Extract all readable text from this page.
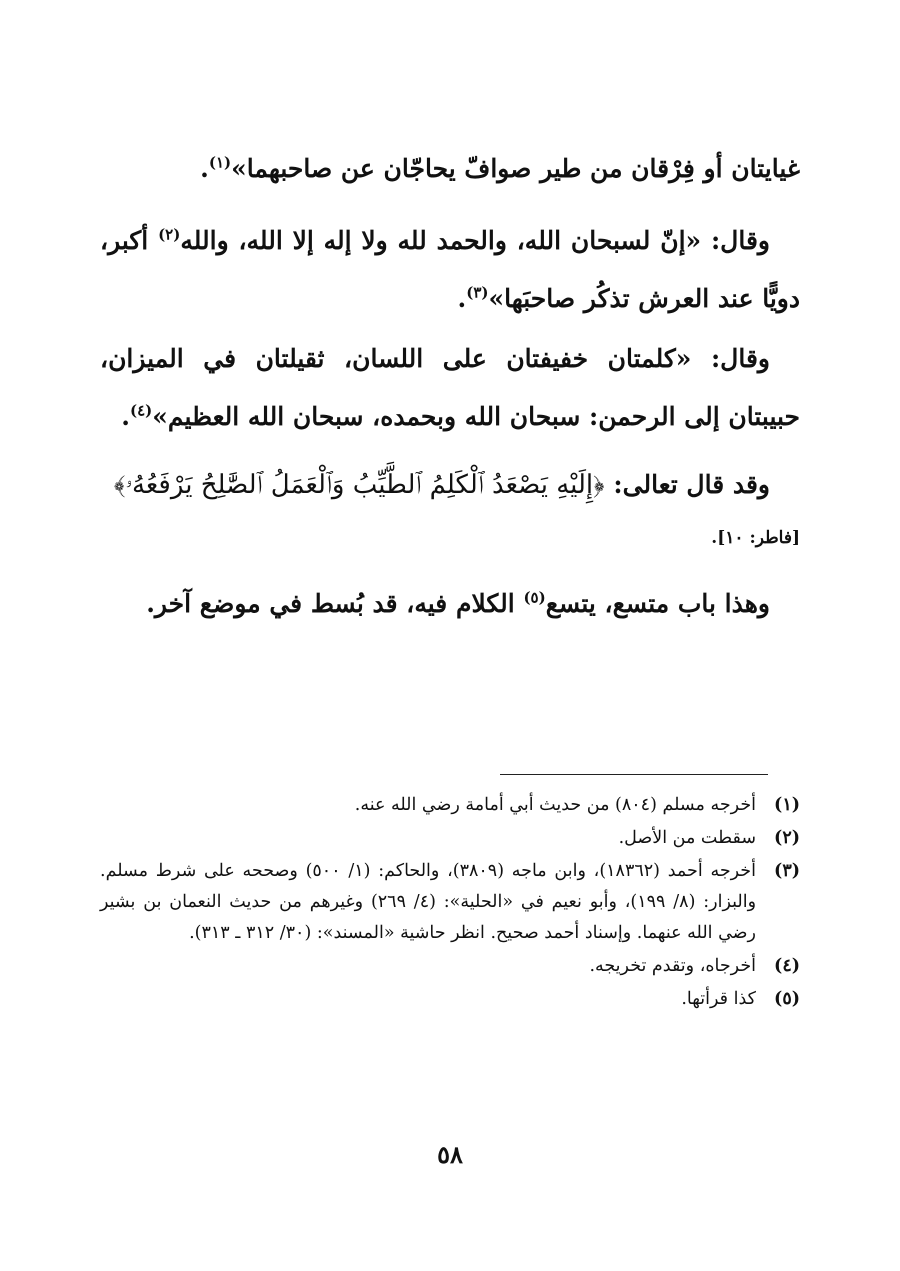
غيايتان أو فِرْقان من طير صوافّ يحاجّان عن صاحبهما»$^{(١)}$.

وقال: «إنّ لسبحان الله، والحمد لله ولا إله إلا الله، والله$^{(٢)}$ أكبر، دويًّا عند العرش تذكُر صاحبَها»$^{(٣)}$.

وقال: «كلمتان خفيفتان على اللسان، ثقيلتان في الميزان، حبيبتان إلى الرحمن: سبحان الله وبحمده، سبحان الله العظيم»$^{(٤)}$.

وقد قال تعالى: ﴿إِلَيْهِ يَصْعَدُ ٱلْكَلِمُ ٱلطَّيِّبُ وَٱلْعَمَلُ ٱلصَّٰلِحُ يَرْفَعُهُۥ﴾

[فاطر: ١٠].

وهذا باب متسع، يتسع$^{(٥)}$ الكلام فيه، قد بُسط في موضع آخر.

(١)
أخرجه مسلم (٨٠٤) من حديث أبي أمامة رضي الله عنه.
(٢)
سقطت من الأصل.
(٣)
أخرجه أحمد (١٨٣٦٢)، وابن ماجه (٣٨٠٩)، والحاكم: (١/ ٥٠٠) وصححه على شرط مسلم. والبزار: (٨/ ١٩٩)، وأبو نعيم في «الحلية»: (٤/ ٢٦٩) وغيرهم من حديث النعمان بن بشير رضي الله عنهما. وإسناد أحمد صحيح. انظر حاشية «المسند»: (٣٠/ ٣١٢ ـ ٣١٣).
(٤)
أخرجاه، وتقدم تخريجه.
(٥)
كذا قرأتها.
٥٨
